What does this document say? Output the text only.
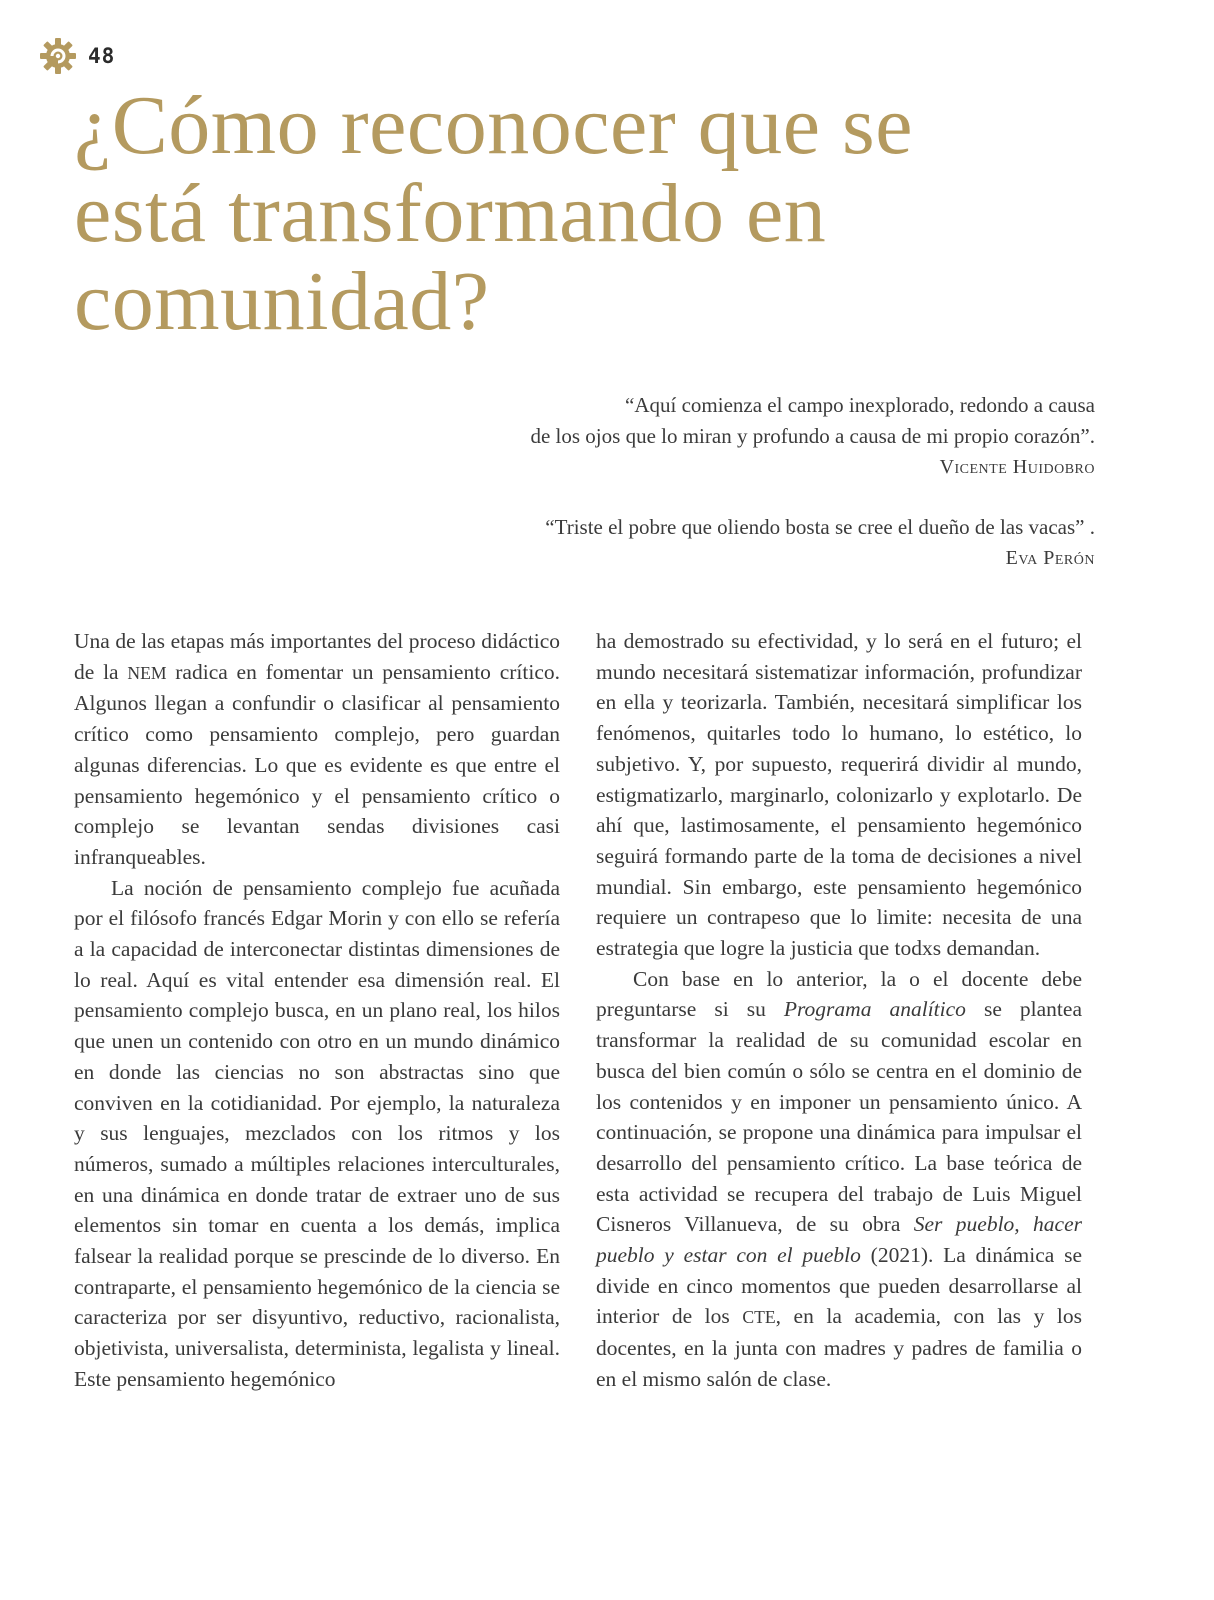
48
¿Cómo reconocer que se
está transformando en
comunidad?
“Aquí comienza el campo inexplorado, redondo a causa
de los ojos que lo miran y profundo a causa de mi propio corazón”.
Vicente Huidobro
“Triste el pobre que oliendo bosta se cree el dueño de las vacas” .
Eva Perón

Una de las etapas más importantes del proceso didáctico de la NEM radica en fomentar un pensamiento crítico. Algunos llegan a confundir o clasificar al pensamiento crítico como pensamiento complejo, pero guardan algunas diferencias. Lo que es evidente es que entre el pensamiento hegemónico y el pensamiento crítico o complejo se levantan sendas divisiones casi infranqueables.

La noción de pensamiento complejo fue acuñada por el filósofo francés Edgar Morin y con ello se refería a la capacidad de interconectar distintas dimensiones de lo real. Aquí es vital entender esa dimensión real. El pensamiento complejo busca, en un plano real, los hilos que unen un contenido con otro en un mundo dinámico en donde las ciencias no son abstractas sino que conviven en la cotidianidad. Por ejemplo, la naturaleza y sus lenguajes, mezclados con los ritmos y los números, sumado a múltiples relaciones interculturales, en una dinámica en donde tratar de extraer uno de sus elementos sin tomar en cuenta a los demás, implica falsear la realidad porque se prescinde de lo diverso. En contraparte, el pensamiento hegemónico de la ciencia se caracteriza por ser disyuntivo, reductivo, racionalista, objetivista, universalista, determinista, legalista y lineal. Este pensamiento hegemónico

ha demostrado su efectividad, y lo será en el futuro; el mundo necesitará sistematizar información, profundizar en ella y teorizarla. También, necesitará simplificar los fenómenos, quitarles todo lo humano, lo estético, lo subjetivo. Y, por supuesto, requerirá dividir al mundo, estigmatizarlo, marginarlo, colonizarlo y explotarlo. De ahí que, lastimosamente, el pensamiento hegemónico seguirá formando parte de la toma de decisiones a nivel mundial. Sin embargo, este pensamiento hegemónico requiere un contrapeso que lo limite: necesita de una estrategia que logre la justicia que todxs demandan.

Con base en lo anterior, la o el docente debe preguntarse si su Programa analítico se plantea transformar la realidad de su comunidad escolar en busca del bien común o sólo se centra en el dominio de los contenidos y en imponer un pensamiento único. A continuación, se propone una dinámica para impulsar el desarrollo del pensamiento crítico. La base teórica de esta actividad se recupera del trabajo de Luis Miguel Cisneros Villanueva, de su obra Ser pueblo, hacer pueblo y estar con el pueblo (2021). La dinámica se divide en cinco momentos que pueden desarrollarse al interior de los CTE, en la academia, con las y los docentes, en la junta con madres y padres de familia o en el mismo salón de clase.
